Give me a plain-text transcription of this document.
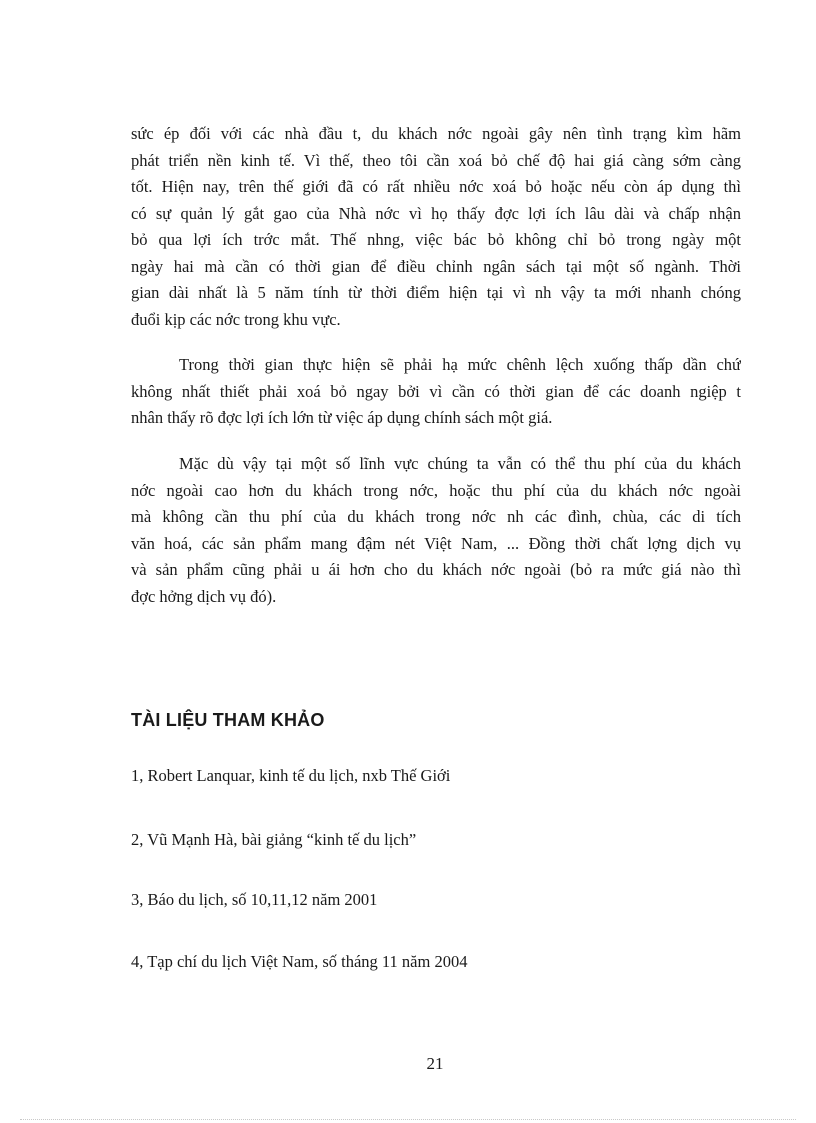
sức ép đối với các nhà đầu t, du khách nớc ngoài gây nên tình trạng kìm hãm
phát triển nền kinh tế. Vì thế, theo tôi cần xoá bỏ chế độ hai giá càng sớm càng
tốt. Hiện nay, trên thế giới đã có rất nhiều nớc xoá bỏ hoặc nếu còn áp dụng thì
có sự quản lý gắt gao của Nhà nớc vì họ thấy đợc lợi ích lâu dài và chấp nhận
bỏ qua lợi ích trớc mắt. Thế nhng, việc bác bỏ không chỉ bỏ trong ngày một
ngày hai mà cần có thời gian để điều chỉnh ngân sách tại một số ngành. Thời
gian dài nhất là 5 năm tính từ thời điểm hiện tại vì nh vậy ta mới nhanh chóng
đuổi kịp các nớc trong khu vực.

Trong thời gian thực hiện sẽ phải hạ mức chênh lệch xuống thấp dần chứ
không nhất thiết phải xoá bỏ ngay bởi vì cần có thời gian để các doanh ngiệp t
nhân thấy rõ đợc lợi ích lớn từ việc áp dụng chính sách một giá.

Mặc dù vậy tại một số lĩnh vực chúng ta vẫn có thể thu phí của du khách
nớc ngoài cao hơn du khách trong nớc, hoặc thu phí của du khách nớc ngoài
mà không cần thu phí của du khách trong nớc nh các đình, chùa, các di tích
văn hoá, các sản phẩm mang đậm nét Việt Nam, ... Đồng thời chất lợng dịch vụ
và sản phẩm cũng phải u ái hơn cho du khách nớc ngoài (bỏ ra mức giá nào thì
đợc hởng dịch vụ đó).

TÀI LIỆU THAM KHẢO

1, Robert Lanquar, kinh tế du lịch, nxb Thế Giới

2, Vũ Mạnh Hà, bài giảng “kinh tế du lịch”

3, Báo du lịch, số 10,11,12 năm 2001

4, Tạp chí du lịch Việt Nam, số tháng 11 năm 2004

21
